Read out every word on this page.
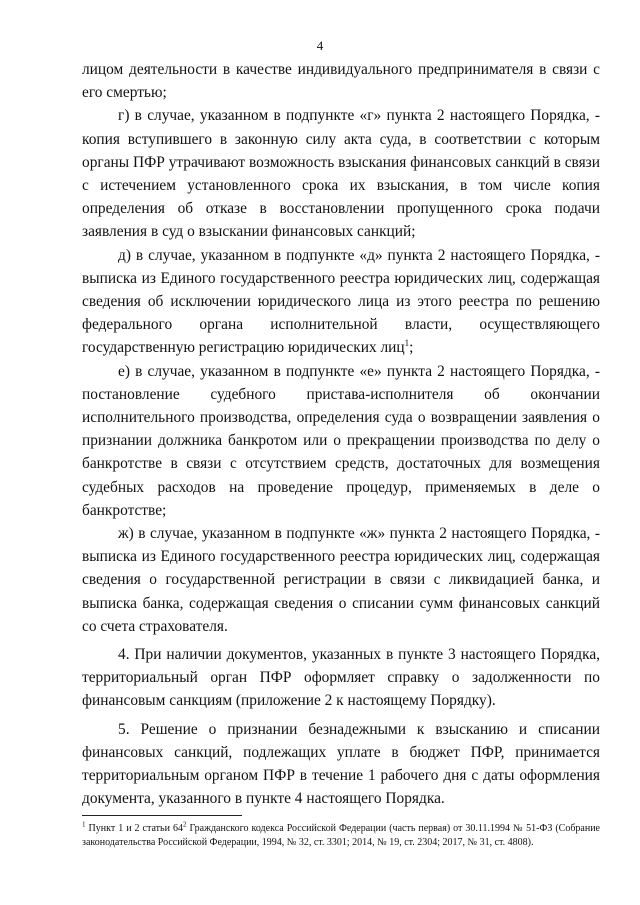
4

лицом деятельности в качестве индивидуального предпринимателя в связи с его смертью;

г) в случае, указанном в подпункте «г» пункта 2 настоящего Порядка, - копия вступившего в законную силу акта суда, в соответствии с которым органы ПФР утрачивают возможность взыскания финансовых санкций в связи с истечением установленного срока их взыскания, в том числе копия определения об отказе в восстановлении пропущенного срока подачи заявления в суд о взыскании финансовых санкций;

д) в случае, указанном в подпункте «д» пункта 2 настоящего Порядка, - выписка из Единого государственного реестра юридических лиц, содержащая сведения об исключении юридического лица из этого реестра по решению федерального органа исполнительной власти, осуществляющего государственную регистрацию юридических лиц$^1$;

е) в случае, указанном в подпункте «е» пункта 2 настоящего Порядка, - постановление судебного пристава-исполнителя об окончании исполнительного производства, определения суда о возвращении заявления о признании должника банкротом или о прекращении производства по делу о банкротстве в связи с отсутствием средств, достаточных для возмещения судебных расходов на проведение процедур, применяемых в деле о банкротстве;

ж) в случае, указанном в подпункте «ж» пункта 2 настоящего Порядка, - выписка из Единого государственного реестра юридических лиц, содержащая сведения о государственной регистрации в связи с ликвидацией банка, и выписка банка, содержащая сведения о списании сумм финансовых санкций со счета страхователя.

4. При наличии документов, указанных в пункте 3 настоящего Порядка, территориальный орган ПФР оформляет справку о задолженности по финансовым санкциям (приложение 2 к настоящему Порядку).

5. Решение о признании безнадежными к взысканию и списании финансовых санкций, подлежащих уплате в бюджет ПФР, принимается территориальным органом ПФР в течение 1 рабочего дня с даты оформления документа, указанного в пункте 4 настоящего Порядка.

$^1$ Пункт 1 и 2 статьи $64^2$ Гражданского кодекса Российской Федерации (часть первая) от 30.11.1994 № 51-ФЗ (Собрание законодательства Российской Федерации, 1994, № 32, ст. 3301; 2014, № 19, ст. 2304; 2017, № 31, ст. 4808).
